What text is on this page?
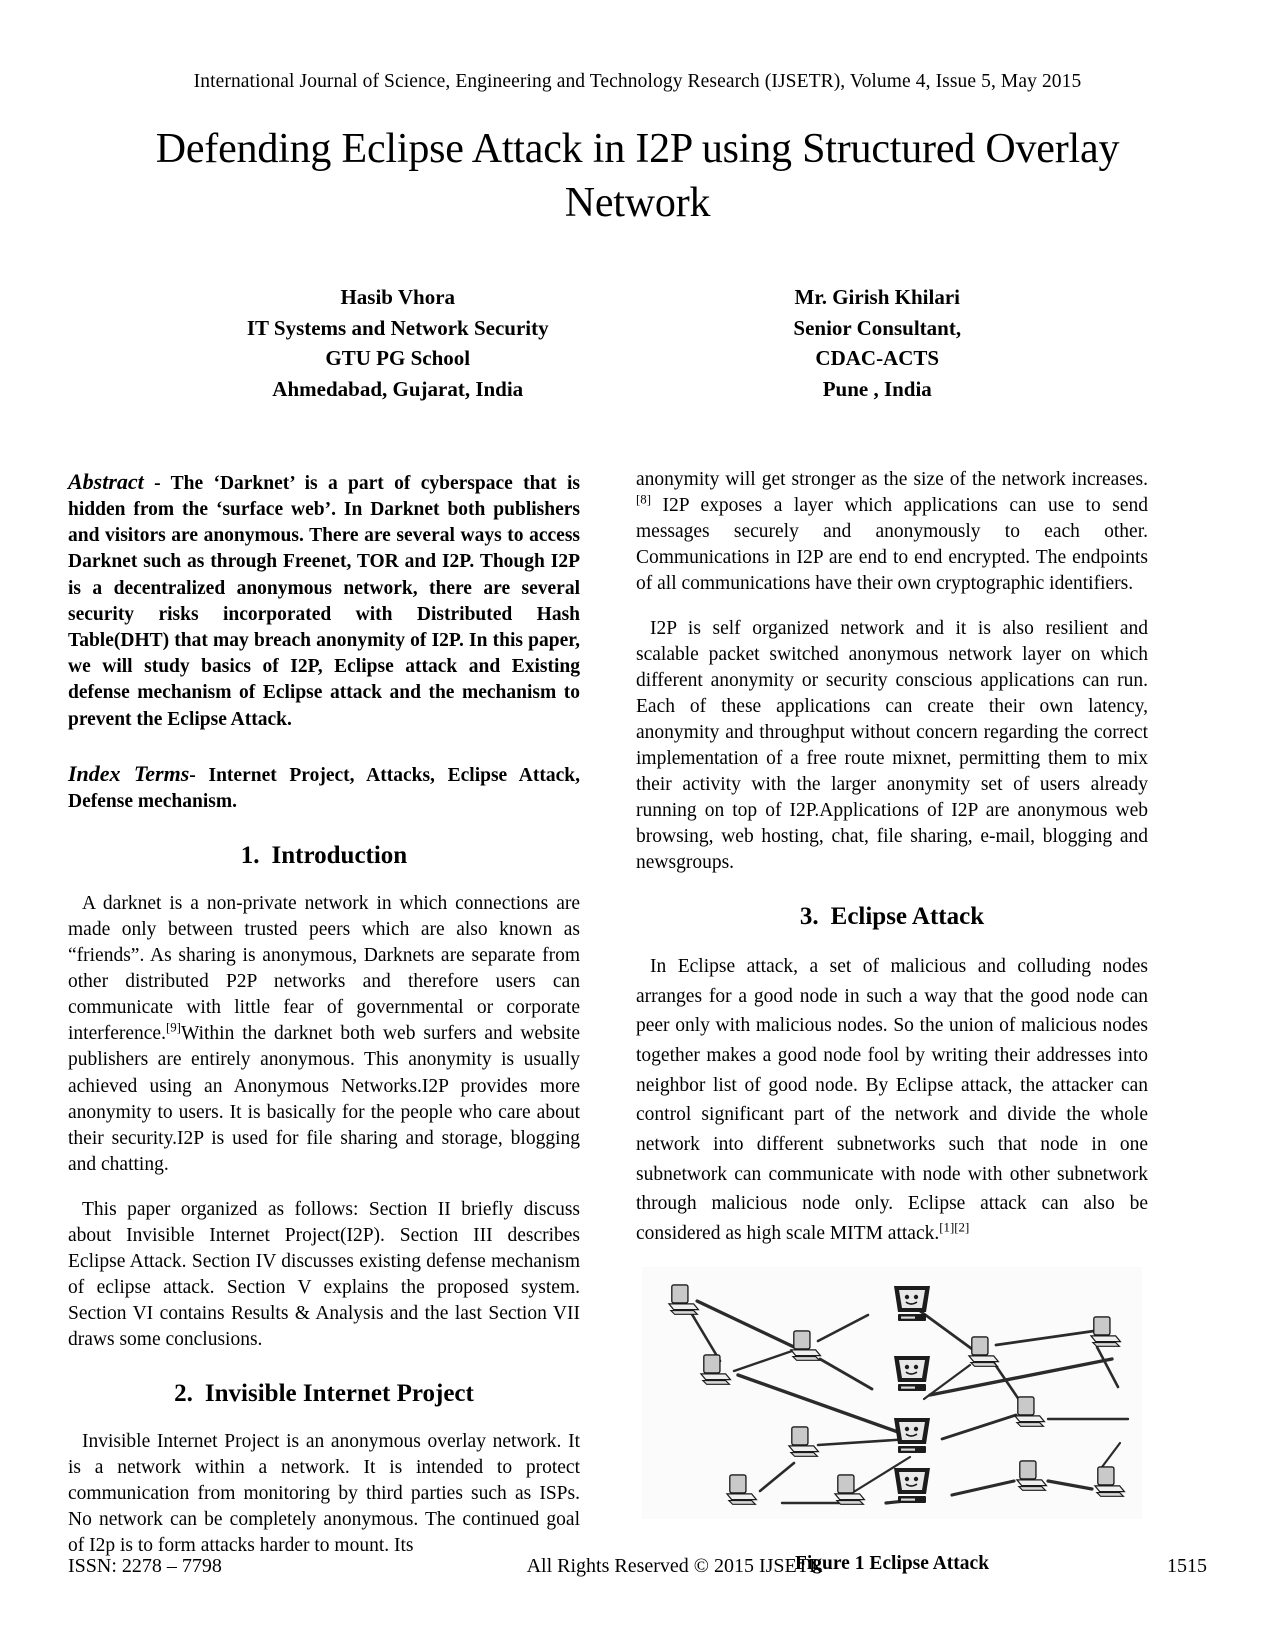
International Journal of Science, Engineering and Technology Research (IJSETR), Volume 4, Issue 5, May 2015
Defending Eclipse Attack in I2P using Structured Overlay Network
Hasib Vhora
IT Systems and Network Security
GTU PG School
Ahmedabad, Gujarat, India
Mr. Girish Khilari
Senior Consultant,
CDAC-ACTS
Pune , India

Abstract - The ‘Darknet’ is a part of cyberspace that is hidden from the ‘surface web’. In Darknet both publishers and visitors are anonymous. There are several ways to access Darknet such as through Freenet, TOR and I2P. Though I2P is a decentralized anonymous network, there are several security risks incorporated with Distributed Hash Table(DHT) that may breach anonymity of I2P. In this paper, we will study basics of I2P, Eclipse attack and Existing defense mechanism of Eclipse attack and the mechanism to prevent the Eclipse Attack.

Index Terms- Internet Project, Attacks, Eclipse Attack, Defense mechanism.

1. Introduction

A darknet is a non-private network in which connections are made only between trusted peers which are also known as “friends”. As sharing is anonymous, Darknets are separate from other distributed P2P networks and therefore users can communicate with little fear of governmental or corporate interference.[9]Within the darknet both web surfers and website publishers are entirely anonymous. This anonymity is usually achieved using an Anonymous Networks.I2P provides more anonymity to users. It is basically for the people who care about their security.I2P is used for file sharing and storage, blogging and chatting.

This paper organized as follows: Section II briefly discuss about Invisible Internet Project(I2P). Section III describes Eclipse Attack. Section IV discusses existing defense mechanism of eclipse attack. Section V explains the proposed system. Section VI contains Results & Analysis and the last Section VII draws some conclusions.

2. Invisible Internet Project

Invisible Internet Project is an anonymous overlay network. It is a network within a network. It is intended to protect communication from monitoring by third parties such as ISPs. No network can be completely anonymous. The continued goal of I2p is to form attacks harder to mount. Its

anonymity will get stronger as the size of the network increases.[8] I2P exposes a layer which applications can use to send messages securely and anonymously to each other. Communications in I2P are end to end encrypted. The endpoints of all communications have their own cryptographic identifiers.

I2P is self organized network and it is also resilient and scalable packet switched anonymous network layer on which different anonymity or security conscious applications can run. Each of these applications can create their own latency, anonymity and throughput without concern regarding the correct implementation of a free route mixnet, permitting them to mix their activity with the larger anonymity set of users already running on top of I2P.Applications of I2P are anonymous web browsing, web hosting, chat, file sharing, e-mail, blogging and newsgroups.

3. Eclipse Attack

In Eclipse attack, a set of malicious and colluding nodes arranges for a good node in such a way that the good node can peer only with malicious nodes. So the union of malicious nodes together makes a good node fool by writing their addresses into neighbor list of good node. By Eclipse attack, the attacker can control significant part of the network and divide the whole network into different subnetworks such that node in one subnetwork can communicate with node with other subnetwork through malicious node only. Eclipse attack can also be considered as high scale MITM attack.[1][2]

Figure 1 Eclipse Attack
ISSN: 2278 – 7798	All Rights Reserved © 2015 IJSETR	1515
